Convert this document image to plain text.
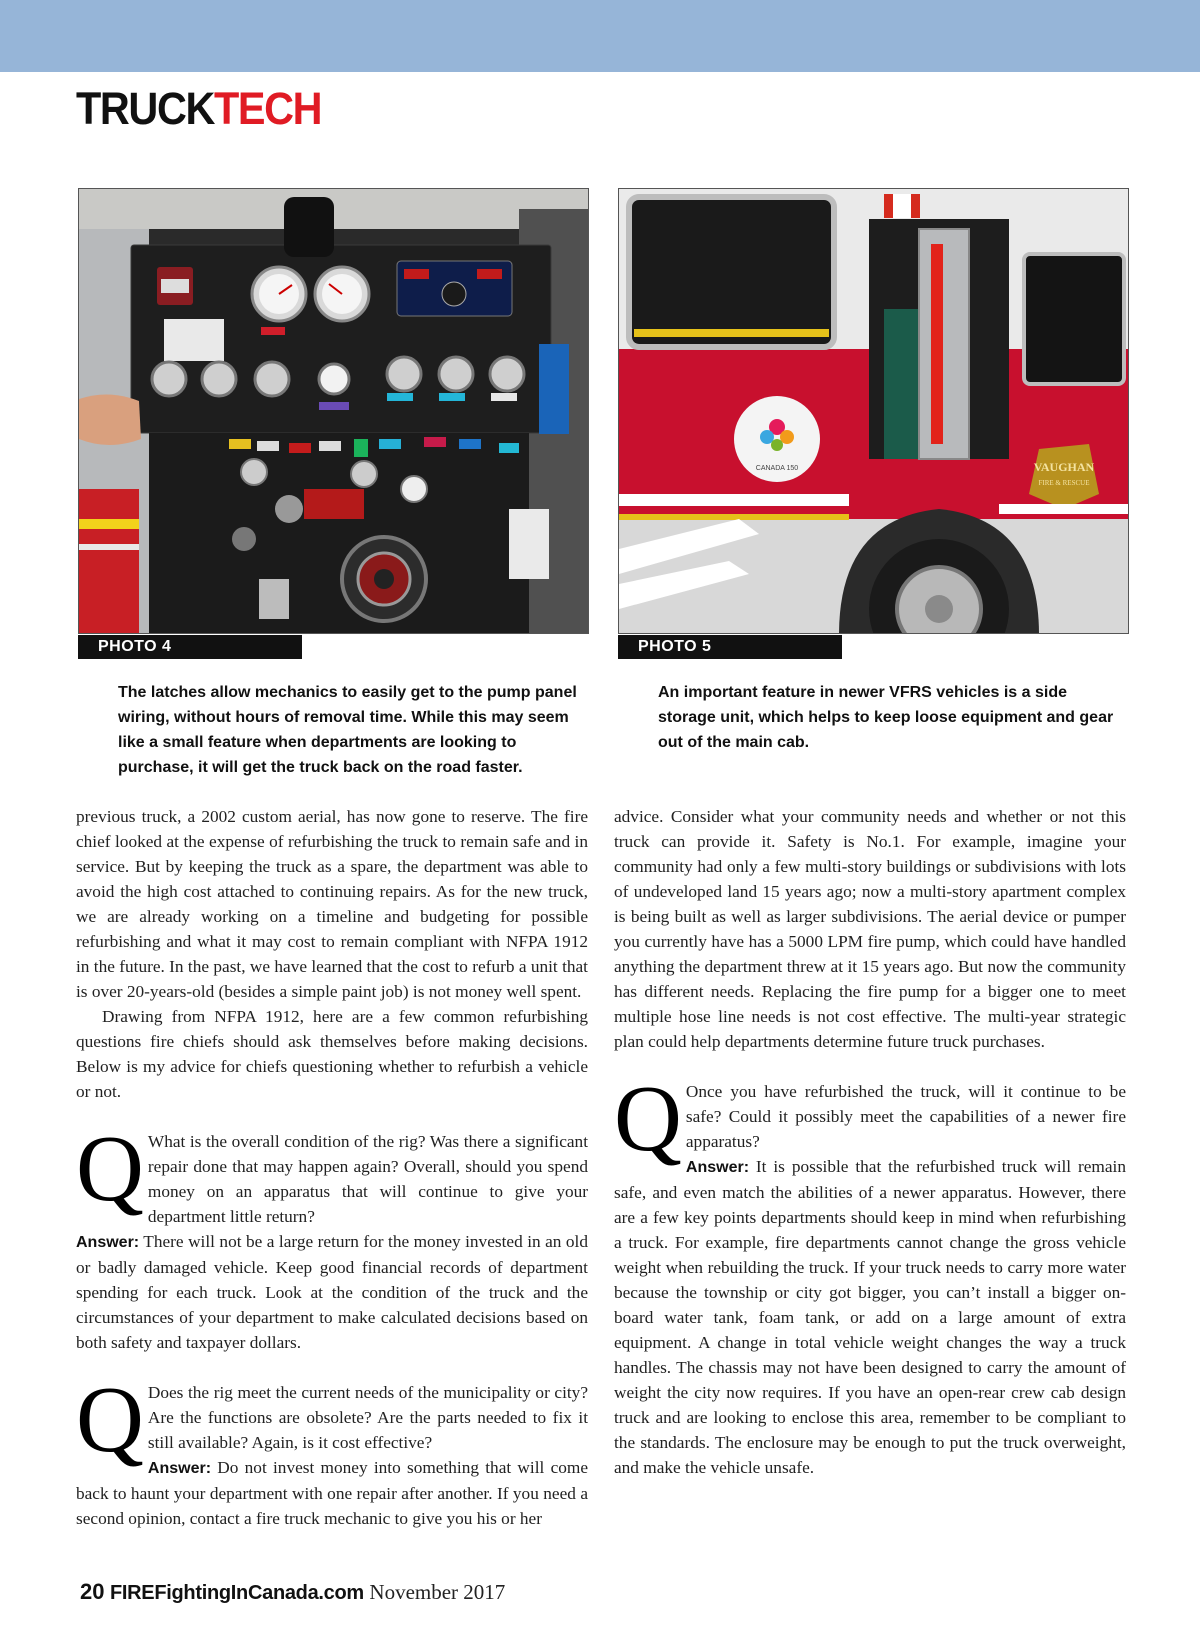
TRUCKTECH
PHOTO 4
The latches allow mechanics to easily get to the pump panel wiring, without hours of removal time. While this may seem like a small feature when departments are looking to purchase, it will get the truck back on the road faster.
CANADA 150	VAUGHAN
FIRE & RESCUE
PHOTO 5
An important feature in newer VFRS vehicles is a side storage unit, which helps to keep loose equipment and gear out of the main cab.

previous truck, a 2002 custom aerial, has now gone to reserve. The fire chief looked at the expense of refurbishing the truck to remain safe and in service. But by keeping the truck as a spare, the department was able to avoid the high cost attached to continuing repairs. As for the new truck, we are already working on a timeline and budgeting for possible refurbishing and what it may cost to remain compliant with NFPA 1912 in the future. In the past, we have learned that the cost to refurb a unit that is over 20-years-old (besides a simple paint job) is not money well spent.

Drawing from NFPA 1912, here are a few common refurbishing questions fire chiefs should ask themselves before making decisions. Below is my advice for chiefs questioning whether to refurbish a vehicle or not.

Q What is the overall condition of the rig? Was there a significant repair done that may happen again? Overall, should you spend money on an apparatus that will continue to give your department little return?

Answer: There will not be a large return for the money invested in an old or badly damaged vehicle. Keep good financial records of department spending for each truck. Look at the condition of the truck and the circumstances of your department to make calculated decisions based on both safety and taxpayer dollars.

Q Does the rig meet the current needs of the municipality or city? Are the functions are obsolete? Are the parts needed to fix it still available? Again, is it cost effective?

Answer: Do not invest money into something that will come back to haunt your department with one repair after another. If you need a second opinion, contact a fire truck mechanic to give you his or her

advice. Consider what your community needs and whether or not this truck can provide it. Safety is No.1. For example, imagine your community had only a few multi-story buildings or subdivisions with lots of undeveloped land 15 years ago; now a multi-story apartment complex is being built as well as larger subdivisions. The aerial device or pumper you currently have has a 5000 LPM fire pump, which could have handled anything the department threw at it 15 years ago. But now the community has different needs. Replacing the fire pump for a bigger one to meet multiple hose line needs is not cost effective. The multi-year strategic plan could help departments determine future truck purchases.

Q Once you have refurbished the truck, will it continue to be safe? Could it possibly meet the capabilities of a newer fire apparatus?

Answer: It is possible that the refurbished truck will remain safe, and even match the abilities of a newer apparatus. However, there are a few key points departments should keep in mind when refurbishing a truck. For example, fire departments cannot change the gross vehicle weight when rebuilding the truck. If your truck needs to carry more water because the township or city got bigger, you can’t install a bigger on-board water tank, foam tank, or add on a large amount of extra equipment. A change in total vehicle weight changes the way a truck handles. The chassis may not have been designed to carry the amount of weight the city now requires. If you have an open-rear crew cab design truck and are looking to enclose this area, remember to be compliant to the standards. The enclosure may be enough to put the truck overweight, and make the vehicle unsafe.

20 FIREFightingInCanada.com November 2017
